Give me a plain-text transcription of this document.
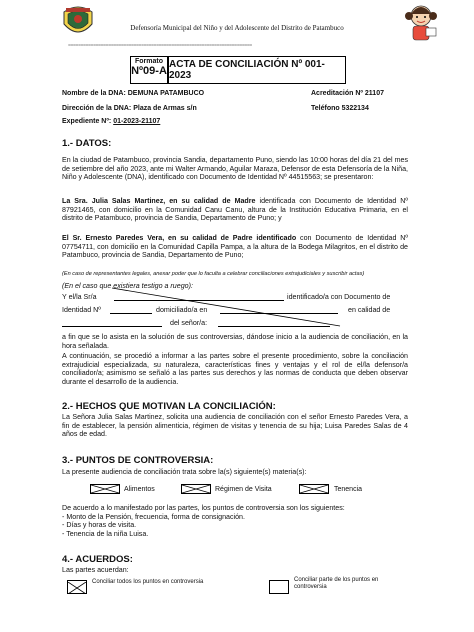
Defensoría Municipal del Niño y del Adolescente del Distrito de Patambuco
=========================================================================
Formato
Nº09-A
ACTA DE CONCILIACIÓN Nº 001-2023
Nombre de la DNA: DEMUNA PATAMBUCO	Acreditación Nº 21107
Dirección de la DNA: Plaza de Armas s/n	Teléfono 5322134
Expediente Nº: 01-2023-21107
1.- DATOS:
En la ciudad de Patambuco, provincia Sandia, departamento Puno, siendo las 10:00 horas del día 21 del mes de setiembre del año 2023, ante mi Walter Armando, Aguilar Maraza, Defensor de esta Defensoría de la Niña, Niño y Adolescente (DNA), identificado con Documento de Identidad Nº 44515563; se presentaron:
La Sra. Julia Salas Martinez, en su calidad de Madre identificada con Documento de Identidad Nº 87921465, con domicilio en la Comunidad Canu Canu, altura de la Institución Educativa Primaria, en el distrito de Patambuco, provincia de Sandia, Departamento de Puno; y
El Sr. Ernesto Paredes Vera, en su calidad de Padre identificado con Documento de Identidad Nº 07754711, con domicilio en la Comunidad Capilla Pampa, a la altura de la Bodega Milagritos, en el distrito de Patambuco, provincia de Sandia, Departamento de Puno;
(En caso de representantes legales, anexar poder que lo faculta a celebrar conciliaciones extrajudiciales y suscribir actas)
(En el caso que existiera testigo a ruego):
Y el/la Sr/a	identificado/a con Documento de
Identidad Nº	domiciliado/a en	en calidad de
del señor/a:
a fin que se lo asista en la solución de sus controversias, dándose inicio a la audiencia de conciliación, en la hora señalada.
A continuación, se procedió a informar a las partes sobre el presente procedimiento, sobre la conciliación extrajudicial especializada, su naturaleza, características fines y ventajas y el rol de el/la defensor/a conciliador/a; asimismo se señaló a las partes sus derechos y las normas de conducta que deben observar durante el desarrollo de la audiencia.
2.- HECHOS QUE MOTIVAN LA CONCILIACIÓN:
La Señora Julia Salas Martinez, solicita una audiencia de conciliación con el señor Ernesto Paredes Vera, a fin de establecer, la pensión alimenticia, régimen de visitas y tenencia de su hija; Luisa Paredes Salas de 4 años de edad.
3.- PUNTOS DE CONTROVERSIA:
La presente audiencia de conciliación trata sobre la(s) siguiente(s) materia(s):
Alimentos	Régimen de Visita	Tenencia
De acuerdo a lo manifestado por las partes, los puntos de controversia son los siguientes:
- Monto de la Pensión, frecuencia, forma de consignación.
- Días y horas de visita.
- Tenencia de la niña Luisa.
4.- ACUERDOS:
Las partes acuerdan:
Conciliar todos los puntos en controversia	Conciliar parte de los puntos en controversia
